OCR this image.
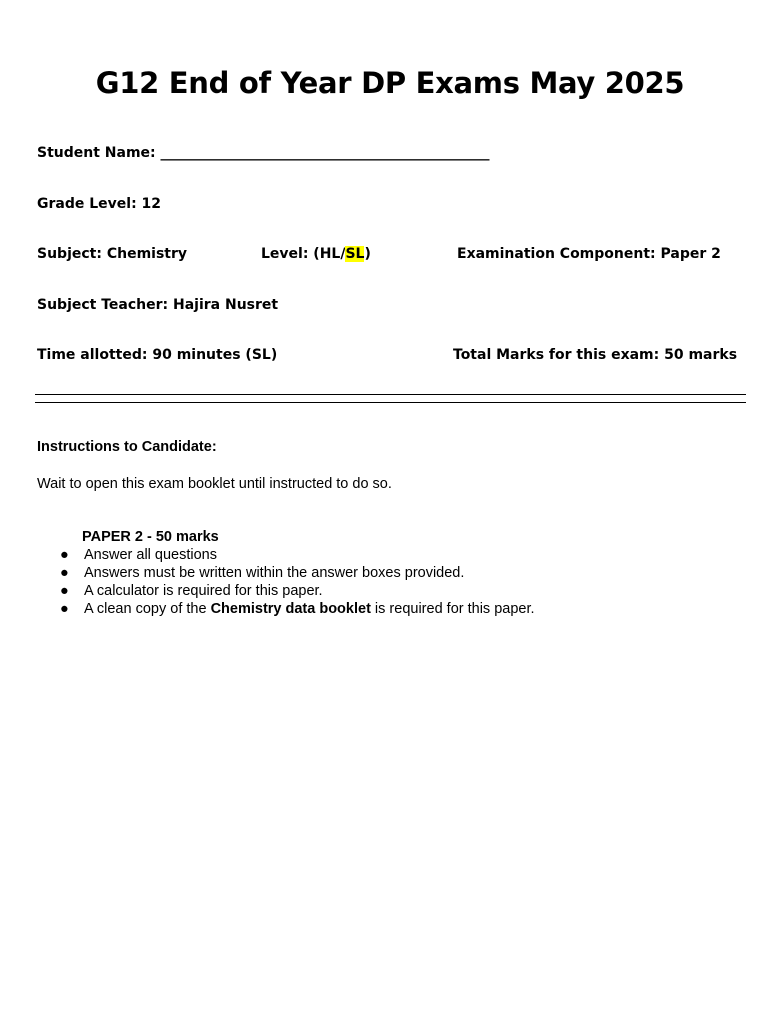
G12 End of Year DP Exams May 2025
Student Name: _______________________________________________
Grade Level: 12
Subject: Chemistry	Level: (HL/SL)	Examination Component: Paper 2
Subject Teacher: Hajira Nusret
Time allotted: 90 minutes (SL)	Total Marks for this exam: 50 marks
Instructions to Candidate:
Wait to open this exam booklet until instructed to do so.
PAPER 2 - 50 marks
● Answer all questions
● Answers must be written within the answer boxes provided.
● A calculator is required for this paper.
● A clean copy of the Chemistry data booklet is required for this paper.
